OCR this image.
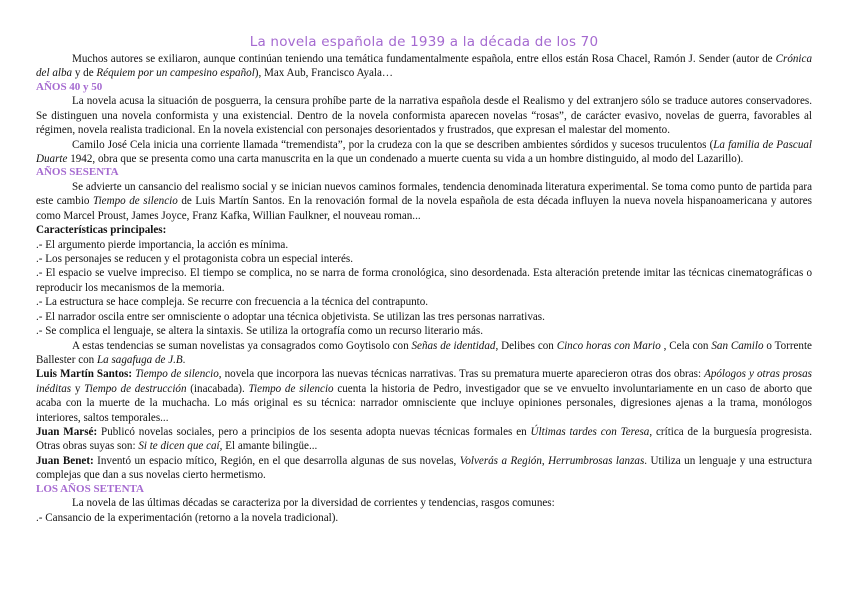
La novela española de 1939 a la década de los 70

Muchos autores se exiliaron, aunque continúan teniendo una temática fundamentalmente española, entre ellos están Rosa Chacel, Ramón J. Sender (autor de Crónica del alba y de Réquiem por un campesino español), Max Aub, Francisco Ayala…

AÑOS 40 y 50

La novela acusa la situación de posguerra, la censura prohíbe parte de la narrativa española desde el Realismo y del extranjero sólo se traduce autores conservadores. Se distinguen una novela conformista y una existencial. Dentro de la novela conformista aparecen novelas “rosas”, de carácter evasivo, novelas de guerra, favorables al régimen, novela realista tradicional. En la novela existencial con personajes desorientados y frustrados, que expresan el malestar del momento.

Camilo José Cela inicia una corriente llamada “tremendista”, por la crudeza con la que se describen ambientes sórdidos y sucesos truculentos (La familia de Pascual Duarte 1942, obra que se presenta como una carta manuscrita en la que un condenado a muerte cuenta su vida a un hombre distinguido, al modo del Lazarillo).

AÑOS SESENTA

Se advierte un cansancio del realismo social y se inician nuevos caminos formales, tendencia denominada literatura experimental. Se toma como punto de partida para este cambio Tiempo de silencio de Luis Martín Santos. En la renovación formal de la novela española de esta década influyen la nueva novela hispanoamericana y autores como Marcel Proust, James Joyce, Franz Kafka, Willian Faulkner, el nouveau roman...

Características principales:

.- El argumento pierde importancia, la acción es mínima.

.- Los personajes se reducen y el protagonista cobra un especial interés.

.- El espacio se vuelve impreciso. El tiempo se complica, no se narra de forma cronológica, sino desordenada. Esta alteración pretende imitar las técnicas cinematográficas o reproducir los mecanismos de la memoria.

.- La estructura se hace compleja. Se recurre con frecuencia a la técnica del contrapunto.

.- El narrador oscila entre ser omnisciente o adoptar una técnica objetivista. Se utilizan las tres personas narrativas.

.- Se complica el lenguaje, se altera la sintaxis. Se utiliza la ortografía como un recurso literario más.

A estas tendencias se suman novelistas ya consagrados como Goytisolo con Señas de identidad, Delibes con Cinco horas con Mario , Cela con San Camilo o Torrente Ballester con La sagafuga de J.B.

Luis Martín Santos: Tiempo de silencio, novela que incorpora las nuevas técnicas narrativas. Tras su prematura muerte aparecieron otras dos obras: Apólogos y otras prosas inéditas y Tiempo de destrucción (inacabada). Tiempo de silencio cuenta la historia de Pedro, investigador que se ve envuelto involuntariamente en un caso de aborto que acaba con la muerte de la muchacha. Lo más original es su técnica: narrador omnisciente que incluye opiniones personales, digresiones ajenas a la trama, monólogos interiores, saltos temporales...

Juan Marsé: Publicó novelas sociales, pero a principios de los sesenta adopta nuevas técnicas formales en Últimas tardes con Teresa, crítica de la burguesía progresista. Otras obras suyas son: Si te dicen que caí, El amante bilingüe...

Juan Benet: Inventó un espacio mítico, Región, en el que desarrolla algunas de sus novelas, Volverás a Región, Herrumbrosas lanzas. Utiliza un lenguaje y una estructura complejas que dan a sus novelas cierto hermetismo.

LOS AÑOS SETENTA

La novela de las últimas décadas se caracteriza por la diversidad de corrientes y tendencias, rasgos comunes:

.- Cansancio de la experimentación (retorno a la novela tradicional).
